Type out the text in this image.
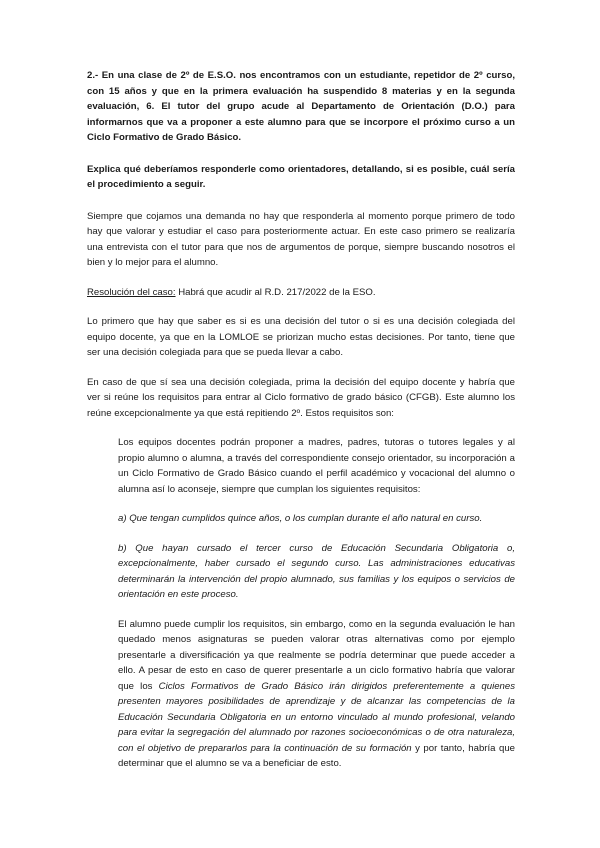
2.- En una clase de 2º de E.S.O. nos encontramos con un estudiante, repetidor de 2º curso, con 15 años y que en la primera evaluación ha suspendido 8 materias y en la segunda evaluación, 6. El tutor del grupo acude al Departamento de Orientación (D.O.) para informarnos que va a proponer a este alumno para que se incorpore el próximo curso a un Ciclo Formativo de Grado Básico.

Explica qué deberíamos responderle como orientadores, detallando, si es posible, cuál sería el procedimiento a seguir.

Siempre que cojamos una demanda no hay que responderla al momento porque primero de todo hay que valorar y estudiar el caso para posteriormente actuar. En este caso primero se realizaría una entrevista con el tutor para que nos de argumentos de porque, siempre buscando nosotros el bien y lo mejor para el alumno.

Resolución del caso: Habrá que acudir al R.D. 217/2022 de la ESO.

Lo primero que hay que saber es si es una decisión del tutor o si es una decisión colegiada del equipo docente, ya que en la LOMLOE se priorizan mucho estas decisiones. Por tanto, tiene que ser una decisión colegiada para que se pueda llevar a cabo.

En caso de que sí sea una decisión colegiada, prima la decisión del equipo docente y habría que ver si reúne los requisitos para entrar al Ciclo formativo de grado básico (CFGB). Este alumno los reúne excepcionalmente ya que está repitiendo 2º. Estos requisitos son:

Los equipos docentes podrán proponer a madres, padres, tutoras o tutores legales y al propio alumno o alumna, a través del correspondiente consejo orientador, su incorporación a un Ciclo Formativo de Grado Básico cuando el perfil académico y vocacional del alumno o alumna así lo aconseje, siempre que cumplan los siguientes requisitos:

a) Que tengan cumplidos quince años, o los cumplan durante el año natural en curso.

b) Que hayan cursado el tercer curso de Educación Secundaria Obligatoria o, excepcionalmente, haber cursado el segundo curso. Las administraciones educativas determinarán la intervención del propio alumnado, sus familias y los equipos o servicios de orientación en este proceso.

El alumno puede cumplir los requisitos, sin embargo, como en la segunda evaluación le han quedado menos asignaturas se pueden valorar otras alternativas como por ejemplo presentarle a diversificación ya que realmente se podría determinar que puede acceder a ello. A pesar de esto en caso de querer presentarle a un ciclo formativo habría que valorar que los Ciclos Formativos de Grado Básico irán dirigidos preferentemente a quienes presenten mayores posibilidades de aprendizaje y de alcanzar las competencias de la Educación Secundaria Obligatoria en un entorno vinculado al mundo profesional, velando para evitar la segregación del alumnado por razones socioeconómicas o de otra naturaleza, con el objetivo de prepararlos para la continuación de su formación y por tanto, habría que determinar que el alumno se va a beneficiar de esto.
